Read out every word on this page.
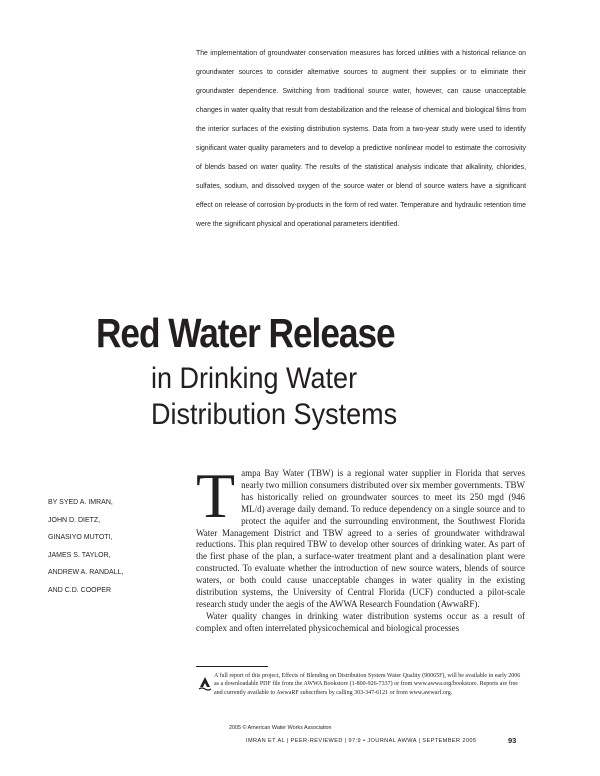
The implementation of groundwater conservation measures has forced utilities with a historical reliance on groundwater sources to consider alternative sources to augment their supplies or to eliminate their groundwater dependence. Switching from traditional source water, however, can cause unacceptable changes in water quality that result from destabilization and the release of chemical and biological films from the interior surfaces of the existing distribution systems. Data from a two-year study were used to identify significant water quality parameters and to develop a predictive nonlinear model to estimate the corrosivity of blends based on water quality. The results of the statistical analysis indicate that alkalinity, chlorides, sulfates, sodium, and dissolved oxygen of the source water or blend of source waters have a significant effect on release of corrosion by-products in the form of red water. Temperature and hydraulic retention time were the significant physical and operational parameters identified.

Red Water Release
in Drinking Water
Distribution Systems
BY SYED A. IMRAN,
JOHN D. DIETZ,
GINASIYO MUTOTI,
JAMES S. TAYLOR,
ANDREW A. RANDALL,
AND C.D. COOPER
T ampa Bay Water (TBW) is a regional water supplier in Florida that serves nearly two million consumers distributed over six member governments. TBW has historically relied on groundwater sources to meet its 250 mgd (946 ML/d) average daily demand. To reduce dependency on a single source and to protect the aquifer and the surrounding environment, the Southwest Florida Water Management District and TBW agreed to a series of groundwater withdrawal reductions. This plan required TBW to develop other sources of drinking water. As part of the first phase of the plan, a surface-water treatment plant and a desalination plant were constructed. To evaluate whether the introduction of new source waters, blends of source waters, or both could cause unacceptable changes in water quality in the existing distribution systems, the University of Central Florida (UCF) conducted a pilot-scale research study under the aegis of the AWWA Research Foundation (AwwaRF).

Water quality changes in drinking water distribution systems occur as a result of complex and often interrelated physicochemical and biological processes

A full report of this project, Effects of Blending on Distribution System Water Quality (90065F), will be available in early 2006 as a downloadable PDF file from the AWWA Bookstore (1-800-926-7337) or from www.awwa.org/bookstore. Reports are free and currently available to AwwaRF subscribers by calling 303-347-6121 or from www.awwarf.org.

2005 © American Water Works Association

IMRAN ET AL | PEER-REVIEWED | 97:9 • JOURNAL AWWA | SEPTEMBER 2005	93
